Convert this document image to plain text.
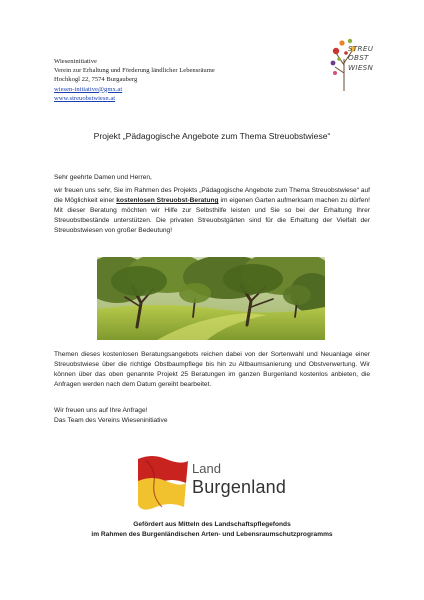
Wieseninitiative
Verein zur Erhaltung und Förderung ländlicher Lebensräume
Hochkogl 22, 7574 Burgauberg
wiesen-initiative@gmx.at
www.streuobstwiesn.at
STREU
OBST
WIESN
Projekt „Pädagogische Angebote zum Thema Streuobstwiese“
Sehr geehrte Damen und Herren,
wir freuen uns sehr, Sie im Rahmen des Projekts „Pädagogische Angebote zum Thema Streuobstwiese“ auf die Möglichkeit einer kostenlosen Streuobst-Beratung im eigenen Garten aufmerksam machen zu dürfen! Mit dieser Beratung möchten wir Hilfe zur Selbsthilfe leisten und Sie so bei der Erhaltung Ihrer Streuobstbestände unterstützen. Die privaten Streuobstgärten sind für die Erhaltung der Vielfalt der Streuobstwiesen von großer Bedeutung!
Themen dieses kostenlosen Beratungsangebots reichen dabei von der Sortenwahl und Neuanlage einer Streuobstwiese über die richtige Obstbaumpflege bis hin zu Altbaumsanierung und Obstverwertung. Wir können über das oben genannte Projekt 25 Beratungen im ganzen Burgenland kostenlos anbieten, die Anfragen werden nach dem Datum gereiht bearbeitet.
Wir freuen uns auf Ihre Anfrage!
Das Team des Vereins Wieseninitiative
Land
Burgenland
Gefördert aus Mitteln des Landschaftspflegefonds
im Rahmen des Burgenländischen Arten- und Lebensraumschutzprogramms
